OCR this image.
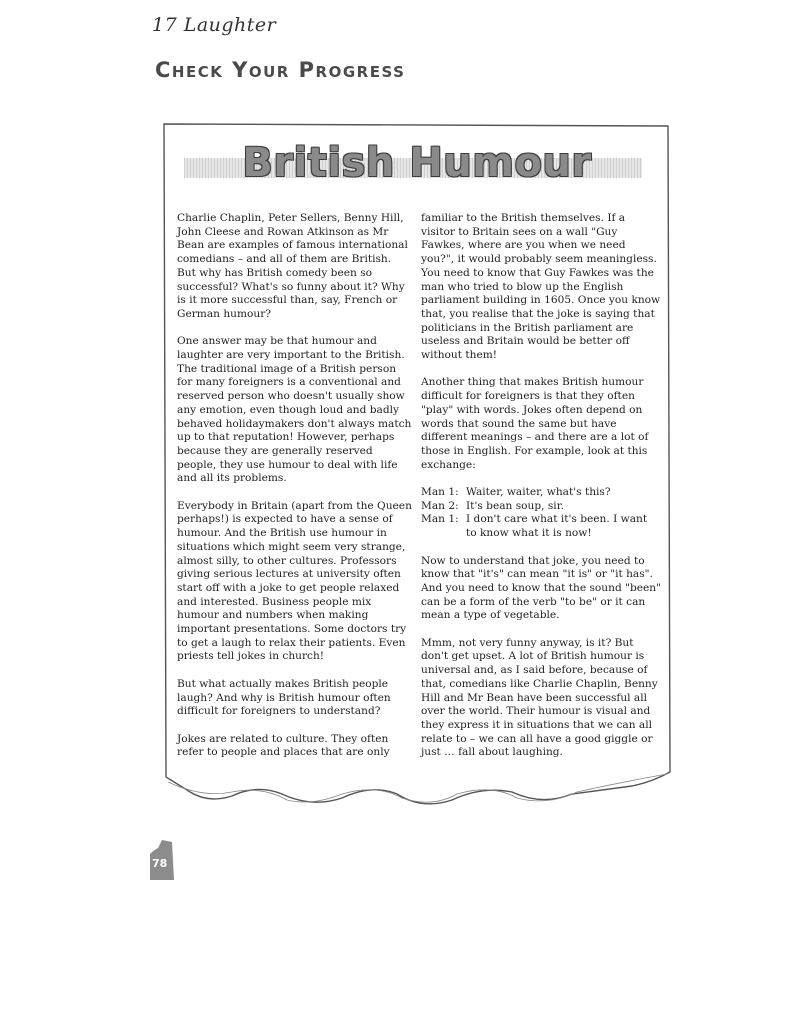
17 Laughter
Check Your Progress
British Humour

Charlie Chaplin, Peter Sellers, Benny Hill, John Cleese and Rowan Atkinson as Mr Bean are examples of famous international comedians – and all of them are British. But why has British comedy been so successful? What's so funny about it? Why is it more successful than, say, French or German humour?

One answer may be that humour and laughter are very important to the British. The traditional image of a British person for many foreigners is a conventional and reserved person who doesn't usually show any emotion, even though loud and badly behaved holidaymakers don't always match up to that reputation! However, perhaps because they are generally reserved people, they use humour to deal with life and all its problems.

Everybody in Britain (apart from the Queen perhaps!) is expected to have a sense of humour. And the British use humour in situations which might seem very strange, almost silly, to other cultures. Professors giving serious lectures at university often start off with a joke to get people relaxed and interested. Business people mix humour and numbers when making important presentations. Some doctors try to get a laugh to relax their patients. Even priests tell jokes in church!

But what actually makes British people laugh? And why is British humour often difficult for foreigners to understand?

Jokes are related to culture. They often refer to people and places that are only

familiar to the British themselves. If a visitor to Britain sees on a wall "Guy Fawkes, where are you when we need you?", it would probably seem meaningless. You need to know that Guy Fawkes was the man who tried to blow up the English parliament building in 1605. Once you know that, you realise that the joke is saying that politicians in the British parliament are useless and Britain would be better off without them!

Another thing that makes British humour difficult for foreigners is that they often "play" with words. Jokes often depend on words that sound the same but have different meanings – and there are a lot of those in English. For example, look at this exchange:

Man 1: Waiter, waiter, what's this?
Man 2: It's bean soup, sir.
Man 1: I don't care what it's been. I want to know what it is now!

Now to understand that joke, you need to know that "it's" can mean "it is" or "it has". And you need to know that the sound "been" can be a form of the verb "to be" or it can mean a type of vegetable.

Mmm, not very funny anyway, is it? But don't get upset. A lot of British humour is universal and, as I said before, because of that, comedians like Charlie Chaplin, Benny Hill and Mr Bean have been successful all over the world. Their humour is visual and they express it in situations that we can all relate to – we can all have a good giggle or just … fall about laughing.

78
